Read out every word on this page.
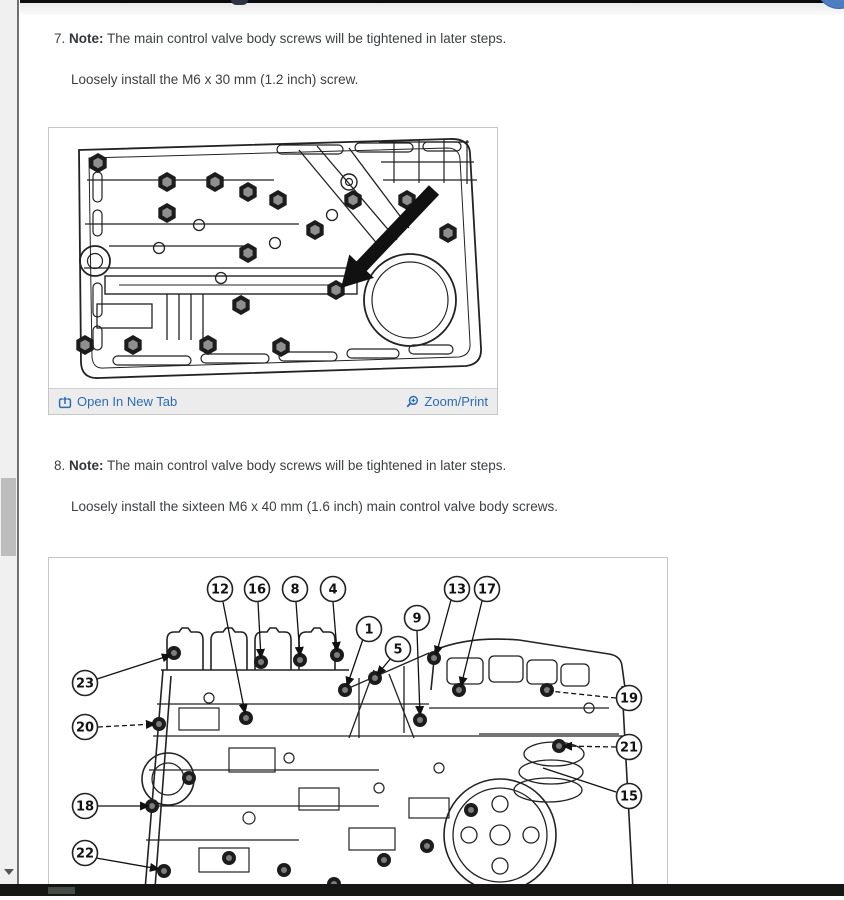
7. Note: The main control valve body screws will be tightened in later steps.
Loosely install the M6 x 30 mm (1.2 inch) screw.
Open In New Tab	Zoom/Print
8. Note: The main control valve body screws will be tightened in later steps.
Loosely install the sixteen M6 x 40 mm (1.6 inch) main control valve body screws.
12 16 8 4
1
9
5
13 17
19
21
15
23
20
18
22
